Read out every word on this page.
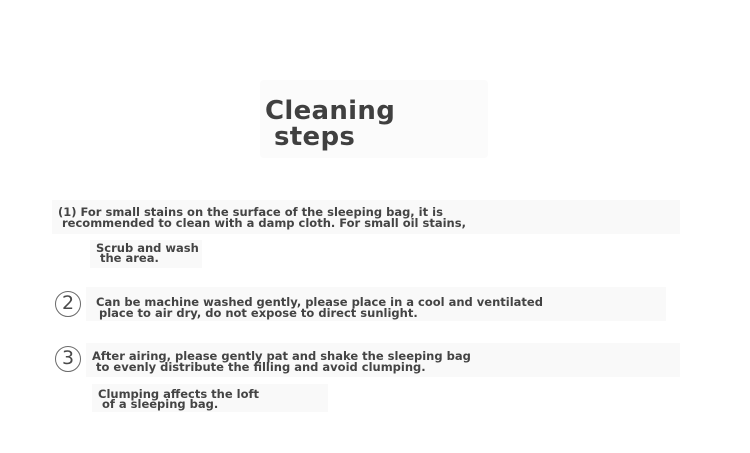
Cleaning
steps
(1) For small stains on the surface of the sleeping bag, it is
recommended to clean with a damp cloth. For small oil stains,
Scrub and wash
the area.
2	Can be machine washed gently, please place in a cool and ventilated
place to air dry, do not expose to direct sunlight.
3	After airing, please gently pat and shake the sleeping bag
to evenly distribute the filling and avoid clumping.
Clumping affects the loft
of a sleeping bag.
